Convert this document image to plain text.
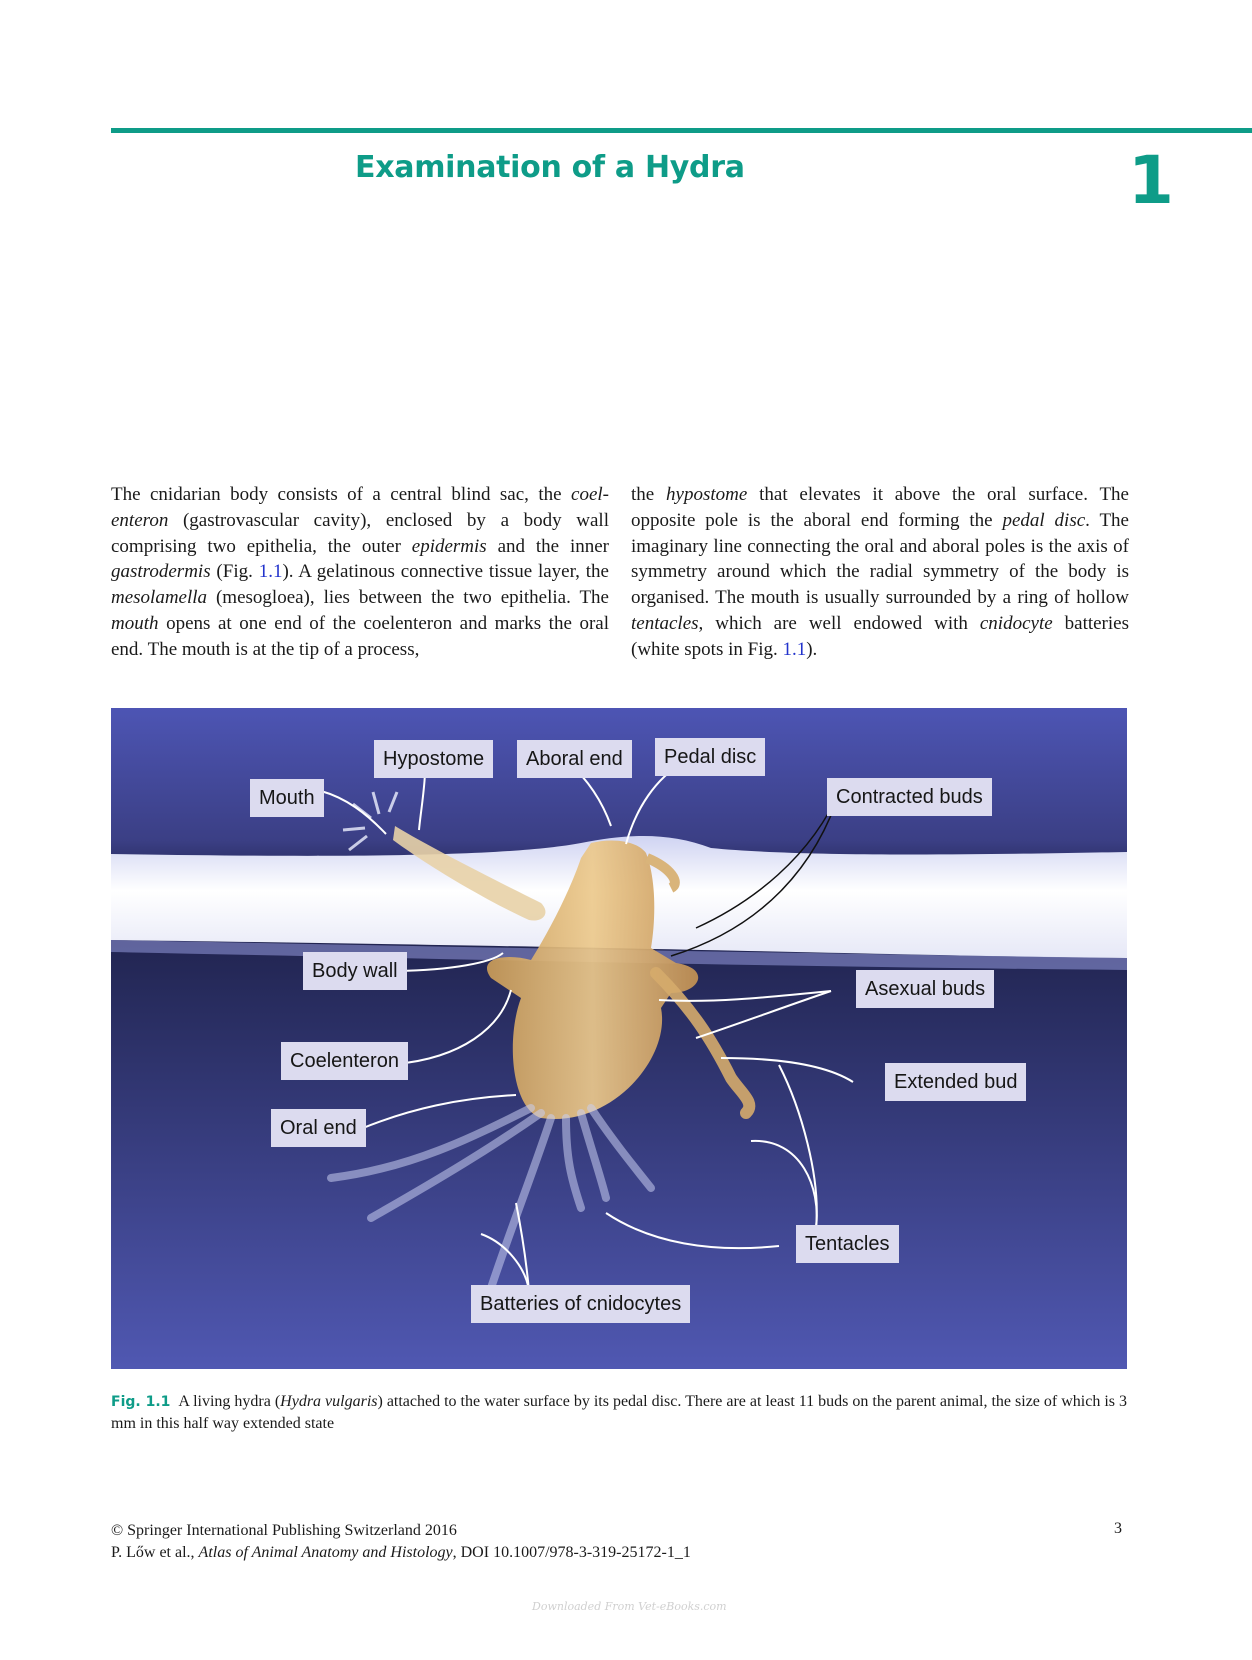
Examination of a Hydra	1
The cnidarian body consists of a central blind sac, the coel-enteron (gastrovascular cavity), enclosed by a body wall comprising two epithelia, the outer epidermis and the inner gastrodermis (Fig. 1.1). A gelatinous connective tissue layer, the mesolamella (mesogloea), lies between the two epithelia. The mouth opens at one end of the coelenteron and marks the oral end. The mouth is at the tip of a process,
the hypostome that elevates it above the oral surface. The opposite pole is the aboral end forming the pedal disc. The imaginary line connecting the oral and aboral poles is the axis of symmetry around which the radial symmetry of the body is organised. The mouth is usually surrounded by a ring of hollow tentacles, which are well endowed with cnidocyte batteries (white spots in Fig. 1.1).
Hypostome	Aboral end	Pedal disc
Mouth	Contracted buds
Body wall
Asexual buds
Coelenteron
Extended bud
Oral end
Tentacles
Batteries of cnidocytes
Fig. 1.1 A living hydra (Hydra vulgaris) attached to the water surface by its pedal disc. There are at least 11 buds on the parent animal, the size of which is 3 mm in this half way extended state
© Springer International Publishing Switzerland 2016
P. Lőw et al., Atlas of Animal Anatomy and Histology, DOI 10.1007/978-3-319-25172-1_1
3
Downloaded From Vet-eBooks.com
